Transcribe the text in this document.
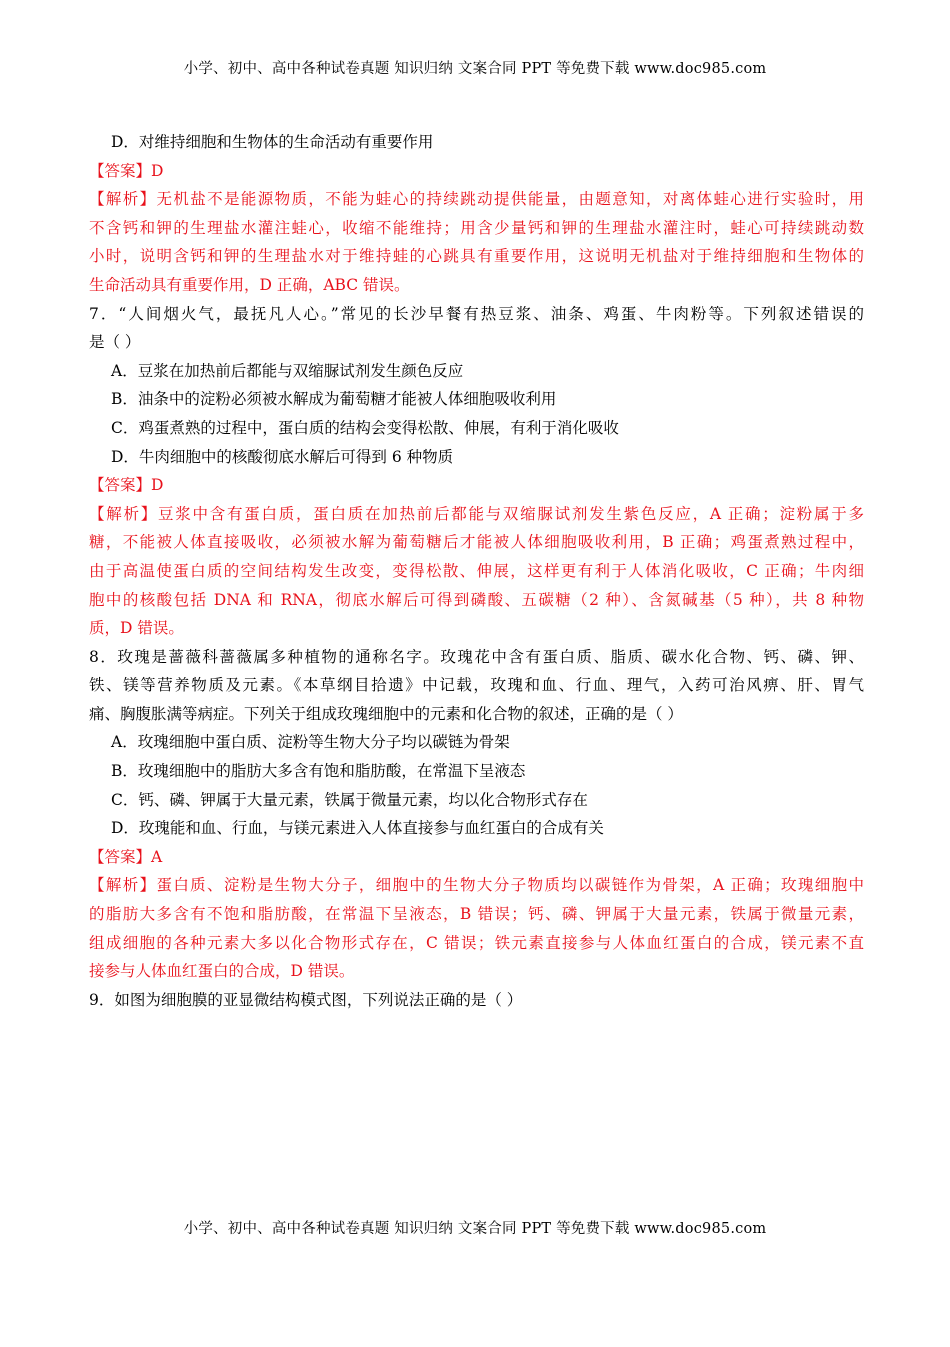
小学、初中、高中各种试卷真题 知识归纳 文案合同 PPT 等免费下载 www.doc985.com
D．对维持细胞和生物体的生命活动有重要作用
【答案】D
【解析】无机盐不是能源物质，不能为蛙心的持续跳动提供能量，由题意知，对离体蛙心进行实验时，用
不含钙和钾的生理盐水灌注蛙心，收缩不能维持；用含少量钙和钾的生理盐水灌注时，蛙心可持续跳动数
小时，说明含钙和钾的生理盐水对于维持蛙的心跳具有重要作用，这说明无机盐对于维持细胞和生物体的
生命活动具有重要作用，D 正确，ABC 错误。
7．“人间烟火气，最抚凡人心。”常见的长沙早餐有热豆浆、油条、鸡蛋、牛肉粉等。下列叙述错误的
是（ ）
A．豆浆在加热前后都能与双缩脲试剂发生颜色反应
B．油条中的淀粉必须被水解成为葡萄糖才能被人体细胞吸收利用
C．鸡蛋煮熟的过程中，蛋白质的结构会变得松散、伸展，有利于消化吸收
D．牛肉细胞中的核酸彻底水解后可得到 6 种物质
【答案】D
【解析】豆浆中含有蛋白质，蛋白质在加热前后都能与双缩脲试剂发生紫色反应，A 正确；淀粉属于多
糖，不能被人体直接吸收，必须被水解为葡萄糖后才能被人体细胞吸收利用，B 正确；鸡蛋煮熟过程中，
由于高温使蛋白质的空间结构发生改变，变得松散、伸展，这样更有利于人体消化吸收，C 正确；牛肉细
胞中的核酸包括 DNA 和 RNA，彻底水解后可得到磷酸、五碳糖（2 种）、含氮碱基（5 种），共 8 种物
质，D 错误。
8．玫瑰是蔷薇科蔷薇属多种植物的通称名字。玫瑰花中含有蛋白质、脂质、碳水化合物、钙、磷、钾、
铁、镁等营养物质及元素。《本草纲目拾遗》中记载，玫瑰和血、行血、理气，入药可治风痹、肝、胃气
痛、胸腹胀满等病症。下列关于组成玫瑰细胞中的元素和化合物的叙述，正确的是（ ）
A．玫瑰细胞中蛋白质、淀粉等生物大分子均以碳链为骨架
B．玫瑰细胞中的脂肪大多含有饱和脂肪酸，在常温下呈液态
C．钙、磷、钾属于大量元素，铁属于微量元素，均以化合物形式存在
D．玫瑰能和血、行血，与镁元素进入人体直接参与血红蛋白的合成有关
【答案】A
【解析】蛋白质、淀粉是生物大分子，细胞中的生物大分子物质均以碳链作为骨架，A 正确；玫瑰细胞中
的脂肪大多含有不饱和脂肪酸，在常温下呈液态，B 错误；钙、磷、钾属于大量元素，铁属于微量元素，
组成细胞的各种元素大多以化合物形式存在，C 错误；铁元素直接参与人体血红蛋白的合成，镁元素不直
接参与人体血红蛋白的合成，D 错误。
9．如图为细胞膜的亚显微结构模式图，下列说法正确的是（ ）
小学、初中、高中各种试卷真题 知识归纳 文案合同 PPT 等免费下载 www.doc985.com
